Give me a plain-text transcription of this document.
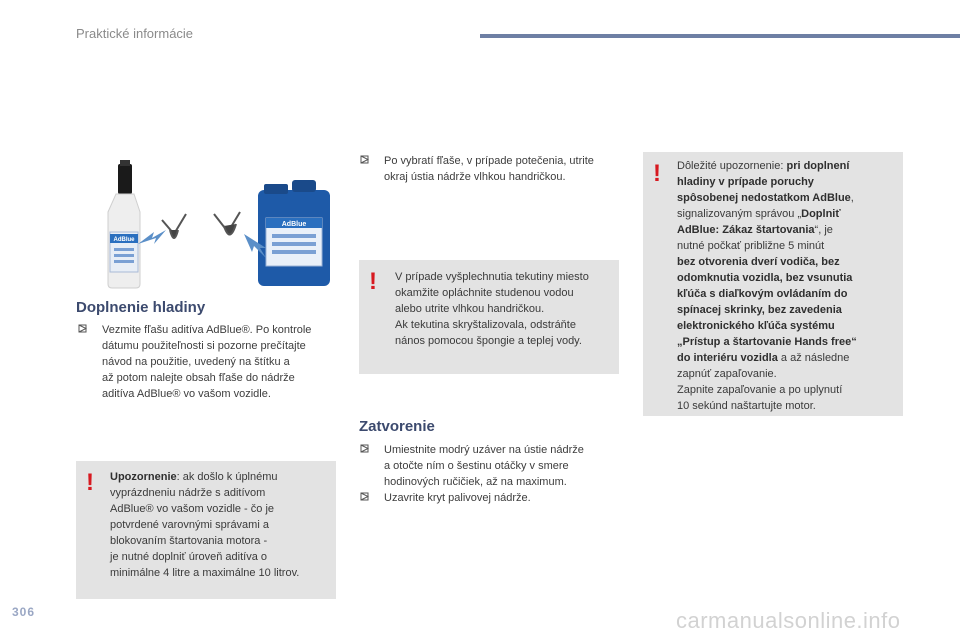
Praktické informácie
AdBlue
AdBlue
Doplnenie hladiny
Vezmite fľašu aditíva AdBlue®. Po kontrole
dátumu použiteľnosti si pozorne prečítajte
návod na použitie, uvedený na štítku a
až potom nalejte obsah fľaše do nádrže
aditíva AdBlue® vo vašom vozidle.
! Upozornenie: ak došlo k úplnému
vyprázdneniu nádrže s aditívom
AdBlue® vo vašom vozidle - čo je
potvrdené varovnými správami a
blokovaním štartovania motora -
je nutné doplniť úroveň aditíva o
minimálne 4 litre a maximálne 10 litrov.
Po vybratí fľaše, v prípade potečenia, utrite
okraj ústia nádrže vlhkou handričkou.
! V prípade vyšplechnutia tekutiny miesto
okamžite opláchnite studenou vodou
alebo utrite vlhkou handričkou.
Ak tekutina skryštalizovala, odstráňte
nános pomocou špongie a teplej vody.
Zatvorenie
Umiestnite modrý uzáver na ústie nádrže
a otočte ním o šestinu otáčky v smere
hodinových ručičiek, až na maximum.
Uzavrite kryt palivovej nádrže.
! Dôležité upozornenie: pri doplnení
hladiny v prípade poruchy
spôsobenej nedostatkom AdBlue,
signalizovaným správou „Doplniť
AdBlue: Zákaz štartovania“, je
nutné počkať približne 5 minút
bez otvorenia dverí vodiča, bez
odomknutia vozidla, bez vsunutia
kľúča s diaľkovým ovládaním do
spínacej skrinky, bez zavedenia
elektronického kľúča systému
„Prístup a štartovanie Hands free“
do interiéru vozidla a až následne
zapnúť zapaľovanie.
Zapnite zapaľovanie a po uplynutí
10 sekúnd naštartujte motor.
306	carmanualsonline.info
